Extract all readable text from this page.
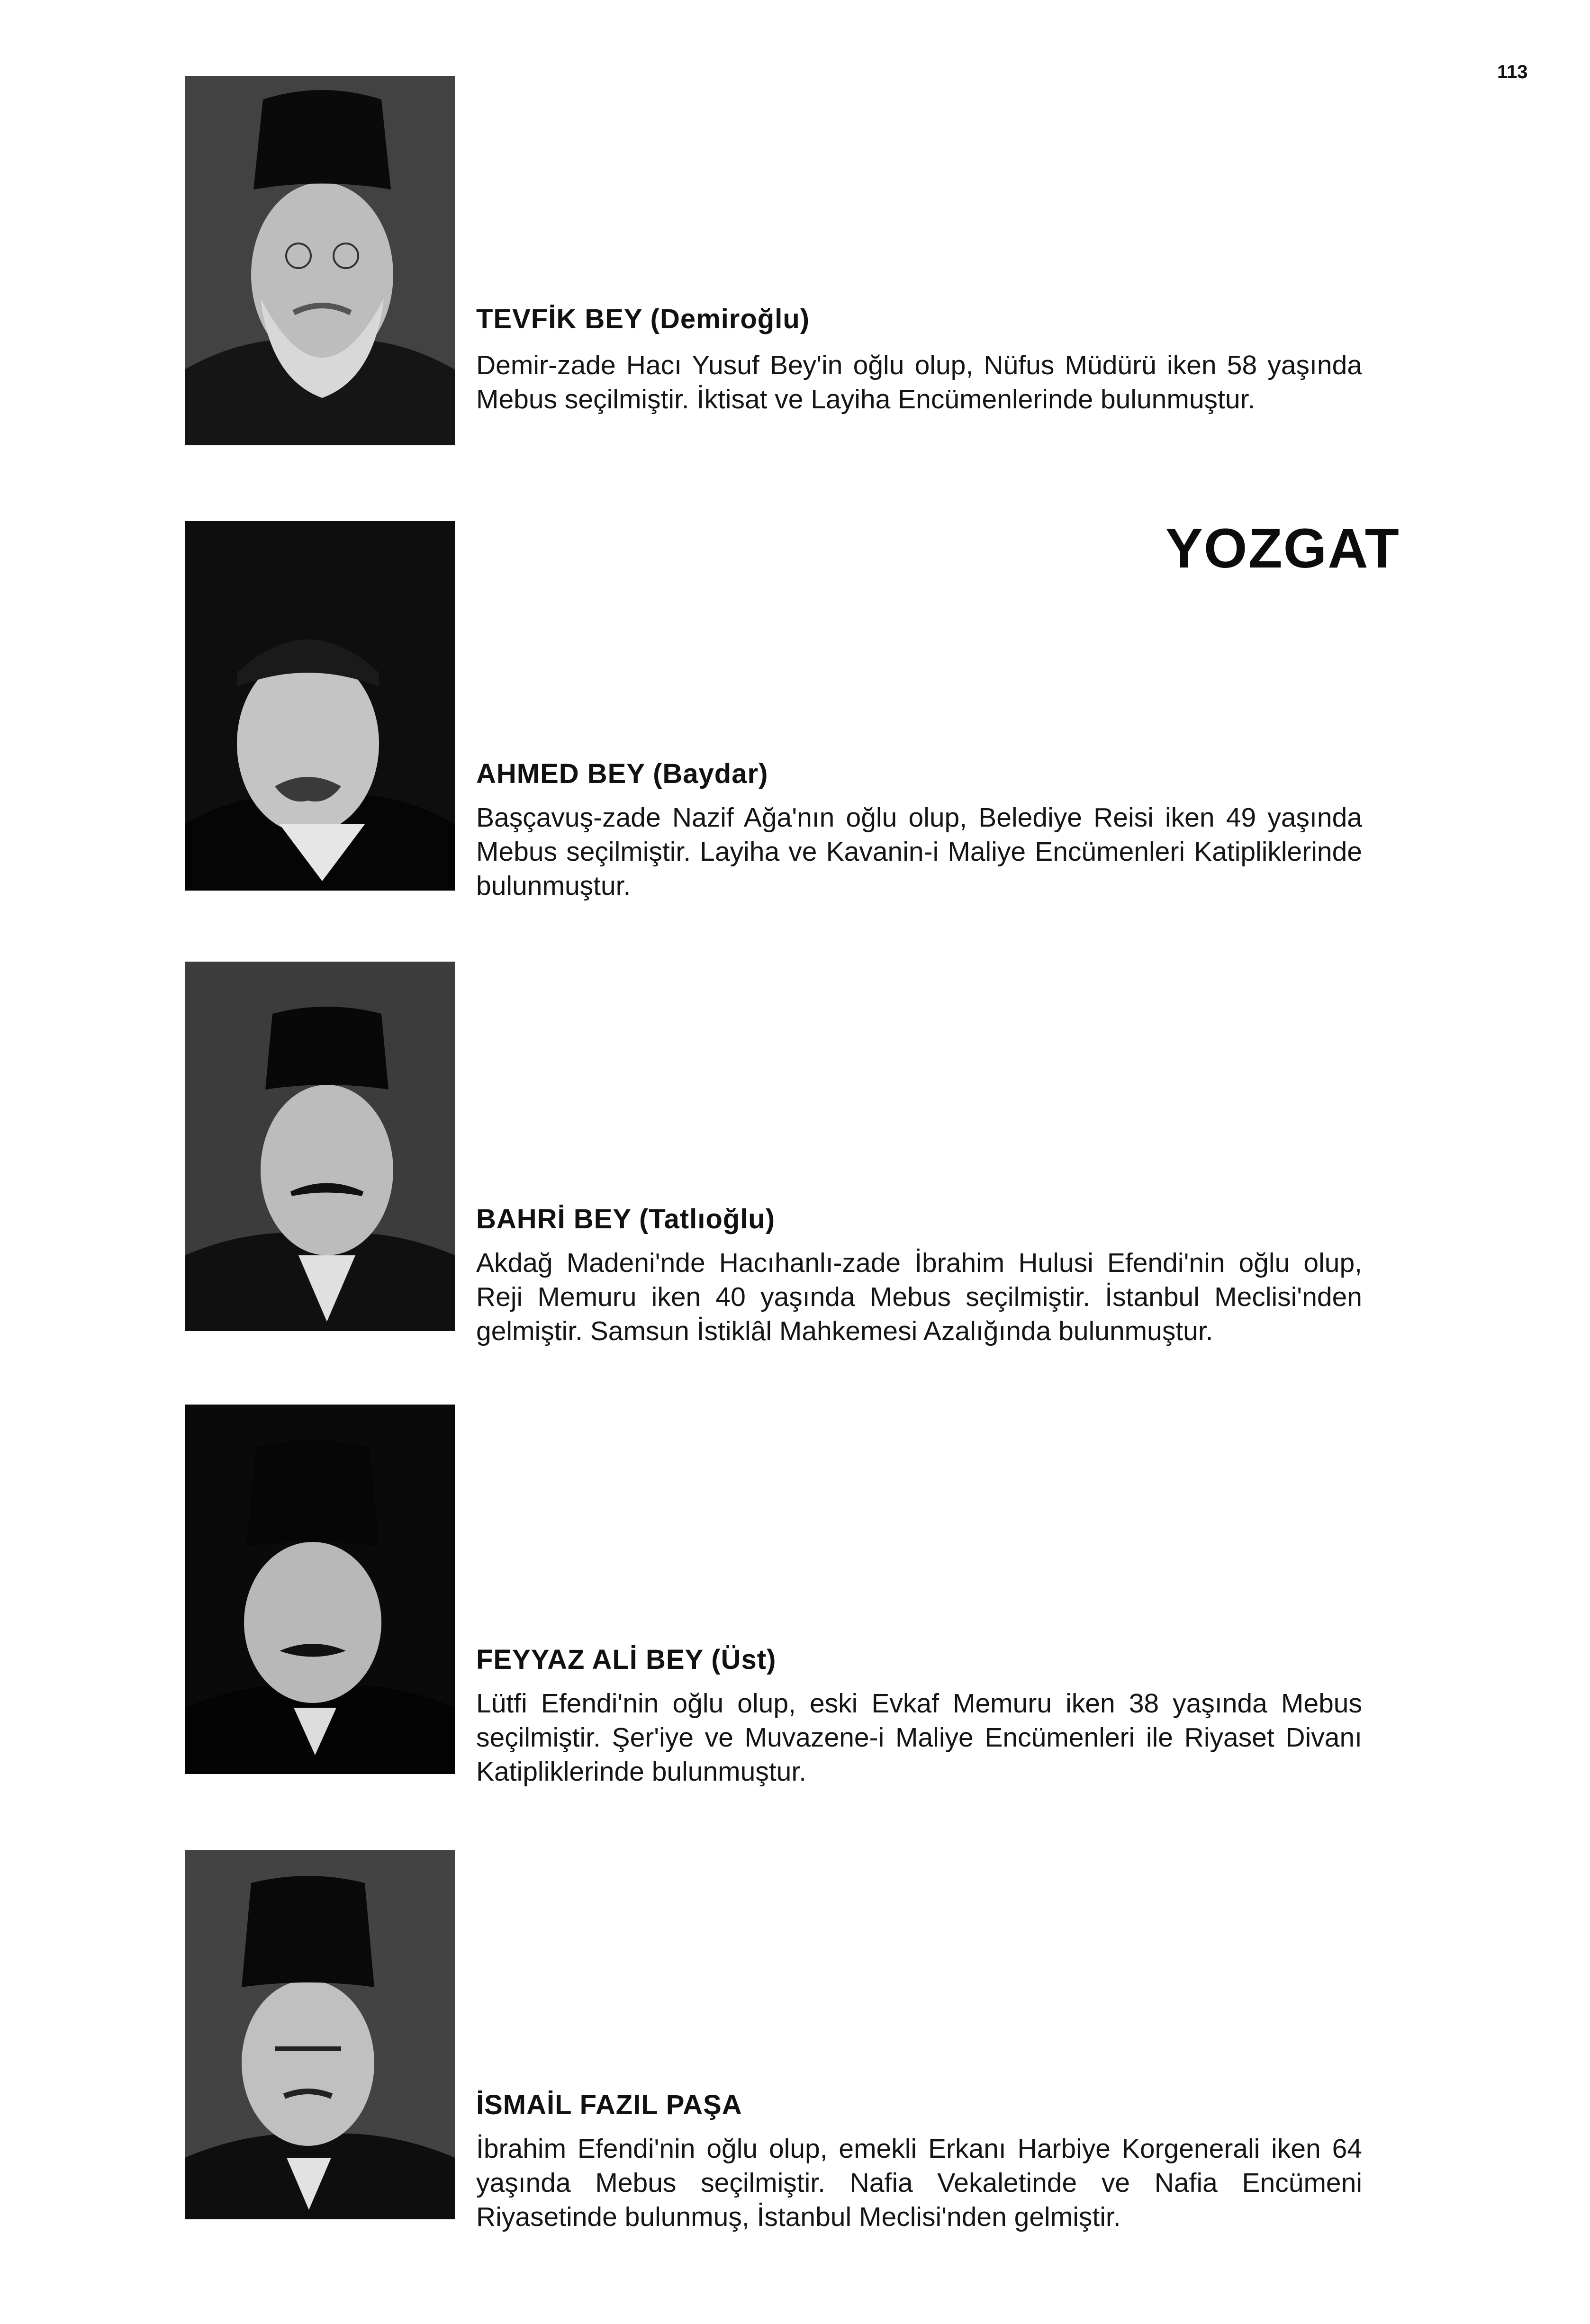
113
YOZGAT
TEVFİK BEY (Demiroğlu)

Demir-zade Hacı Yusuf Bey'in oğlu olup, Nüfus Müdürü iken 58 yaşında Mebus seçilmiştir. İktisat ve Layiha Encümenlerinde bulunmuştur.

AHMED BEY (Baydar)

Başçavuş-zade Nazif Ağa'nın oğlu olup, Belediye Reisi iken 49 yaşında Mebus seçilmiştir. Layiha ve Kavanin-i Maliye Encümenleri Katipliklerinde bulunmuştur.

BAHRİ BEY (Tatlıoğlu)

Akdağ Madeni'nde Hacıhanlı-zade İbrahim Hulusi Efendi'nin oğlu olup, Reji Memuru iken 40 yaşında Mebus seçilmiştir. İstanbul Meclisi'nden gelmiştir. Samsun İstiklâl Mahkemesi Azalığında bulunmuştur.

FEYYAZ ALİ BEY (Üst)

Lütfi Efendi'nin oğlu olup, eski Evkaf Memuru iken 38 yaşında Mebus seçilmiştir. Şer'iye ve Muvazene-i Maliye Encümenleri ile Riyaset Divanı Katipliklerinde bulunmuştur.

İSMAİL FAZIL PAŞA

İbrahim Efendi'nin oğlu olup, emekli Erkanı Harbiye Korgenerali iken 64 yaşında Mebus seçilmiştir. Nafia Vekaletinde ve Nafia Encümeni Riyasetinde bulunmuş, İstanbul Meclisi'nden gelmiştir.
